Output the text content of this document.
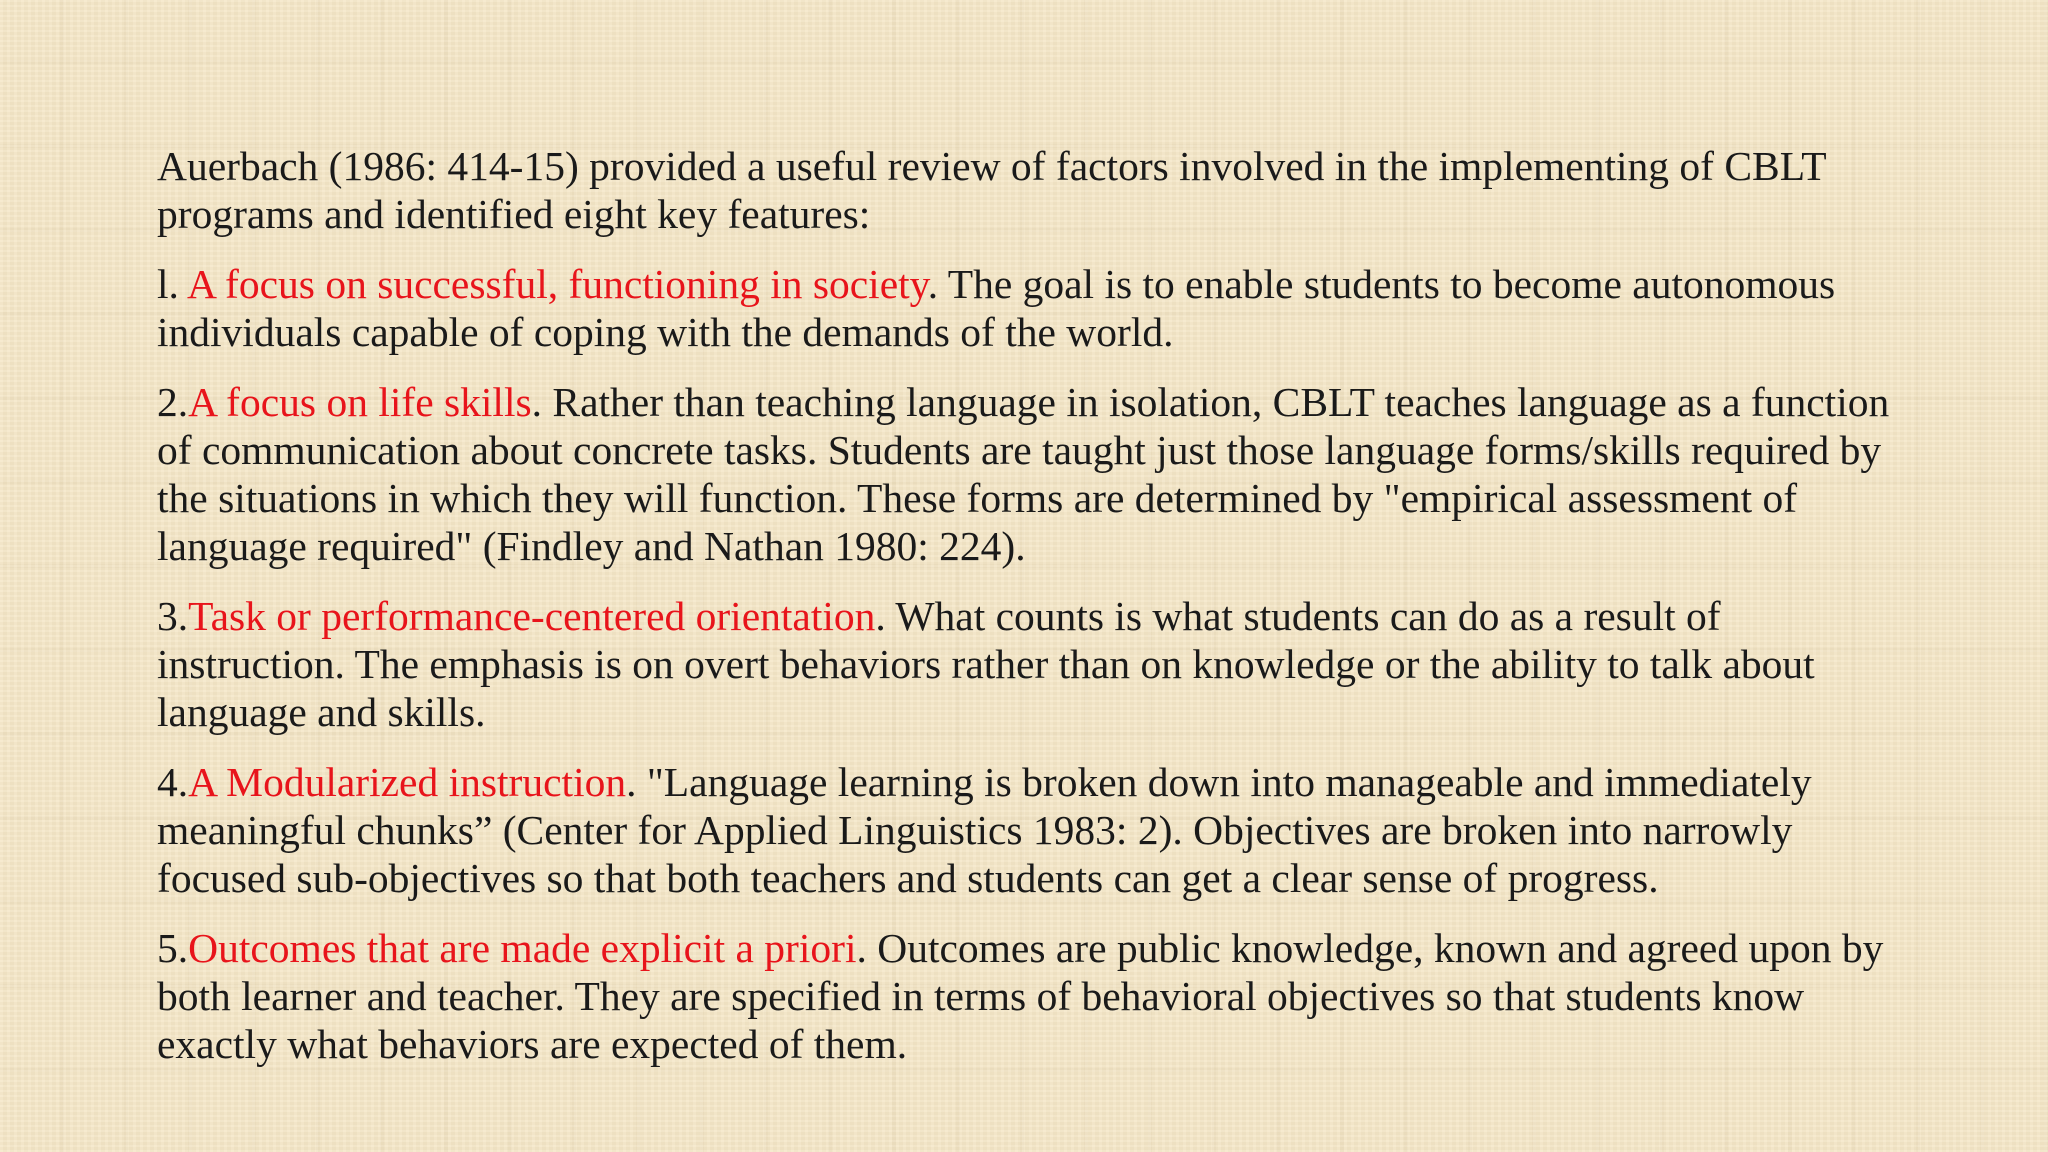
Auerbach (1986: 414-15) provided a useful review of factors involved in the implementing of CBLT programs and identified eight key features:

l. A focus on successful, functioning in society. The goal is to enable students to become autonomous individuals capable of coping with the demands of the world.

2.A focus on life skills. Rather than teaching language in isolation, CBLT teaches language as a function of communication about concrete tasks. Students are taught just those language forms/skills required by the situations in which they will function. These forms are determined by "empirical assessment of language required" (Findley and Nathan 1980: 224).

3.Task or performance-centered orientation. What counts is what students can do as a result of instruction. The emphasis is on overt behaviors rather than on knowledge or the ability to talk about language and skills.

4.A Modularized instruction. "Language learning is broken down into manageable and immediately meaningful chunks” (Center for Applied Linguistics 1983: 2). Objectives are broken into narrowly focused sub-objectives so that both teachers and students can get a clear sense of progress.

5.Outcomes that are made explicit a priori. Outcomes are public knowledge, known and agreed upon by both learner and teacher. They are specified in terms of behavioral objectives so that students know exactly what behaviors are expected of them.
